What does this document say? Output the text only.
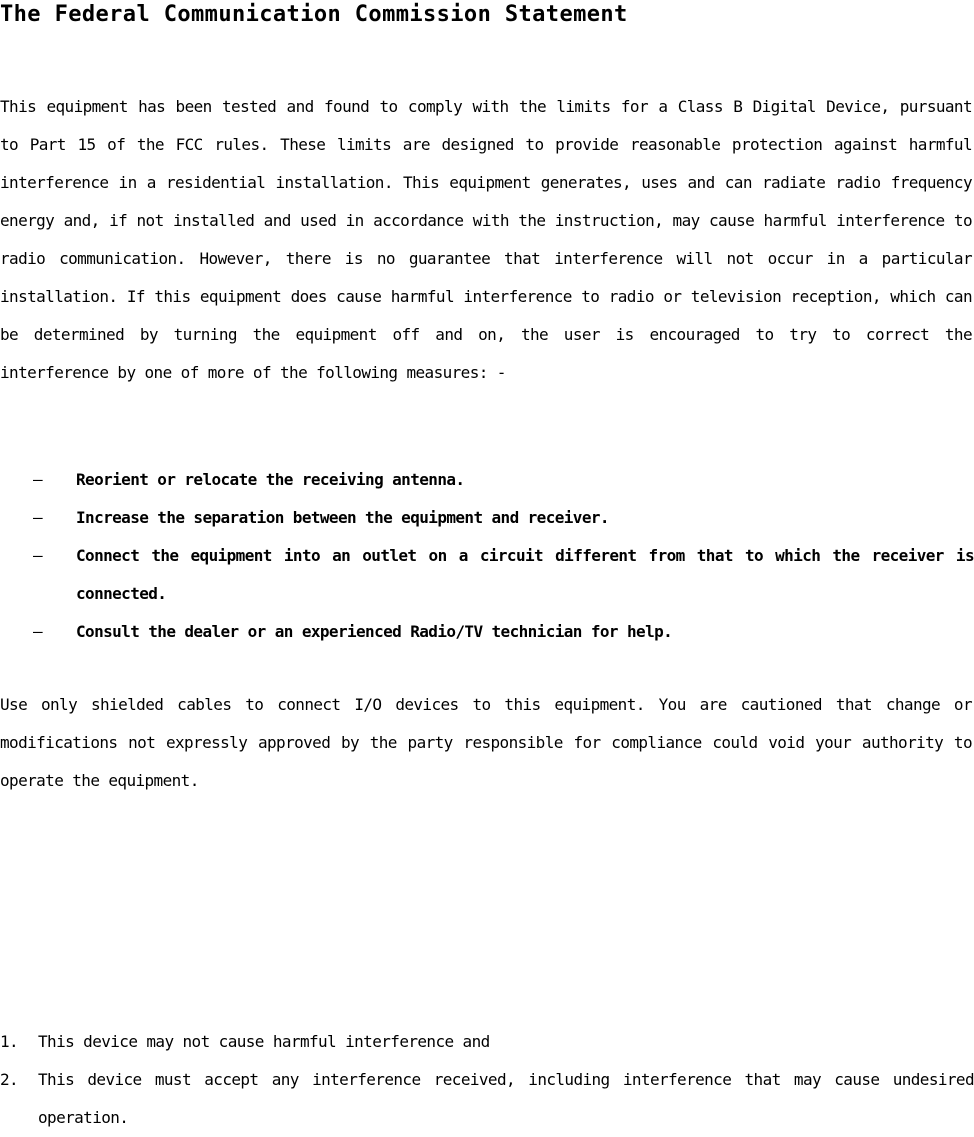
The Federal Communication Commission Statement

This equipment has been tested and found to comply with the limits for a Class B Digital Device, pursuant to Part 15 of the FCC rules. These limits are designed to provide reasonable protection against harmful interference in a residential installation. This equipment generates, uses and can radiate radio frequency energy and, if not installed and used in accordance with the instruction, may cause harmful interference to radio communication. However, there is no guarantee that interference will not occur in a particular installation. If this equipment does cause harmful interference to radio or television reception, which can be determined by turning the equipment off and on, the user is encouraged to try to correct the interference by one of more of the following measures: -

– Reorient or relocate the receiving antenna.
– Increase the separation between the equipment and receiver.
– Connect the equipment into an outlet on a circuit different from that to which the receiver is connected.
– Consult the dealer or an experienced Radio/TV technician for help.

Use only shielded cables to connect I/O devices to this equipment. You are cautioned that change or modifications not expressly approved by the party responsible for compliance could void your authority to operate the equipment.

1. This device may not cause harmful interference and
2. This device must accept any interference received, including interference that may cause undesired operation.
